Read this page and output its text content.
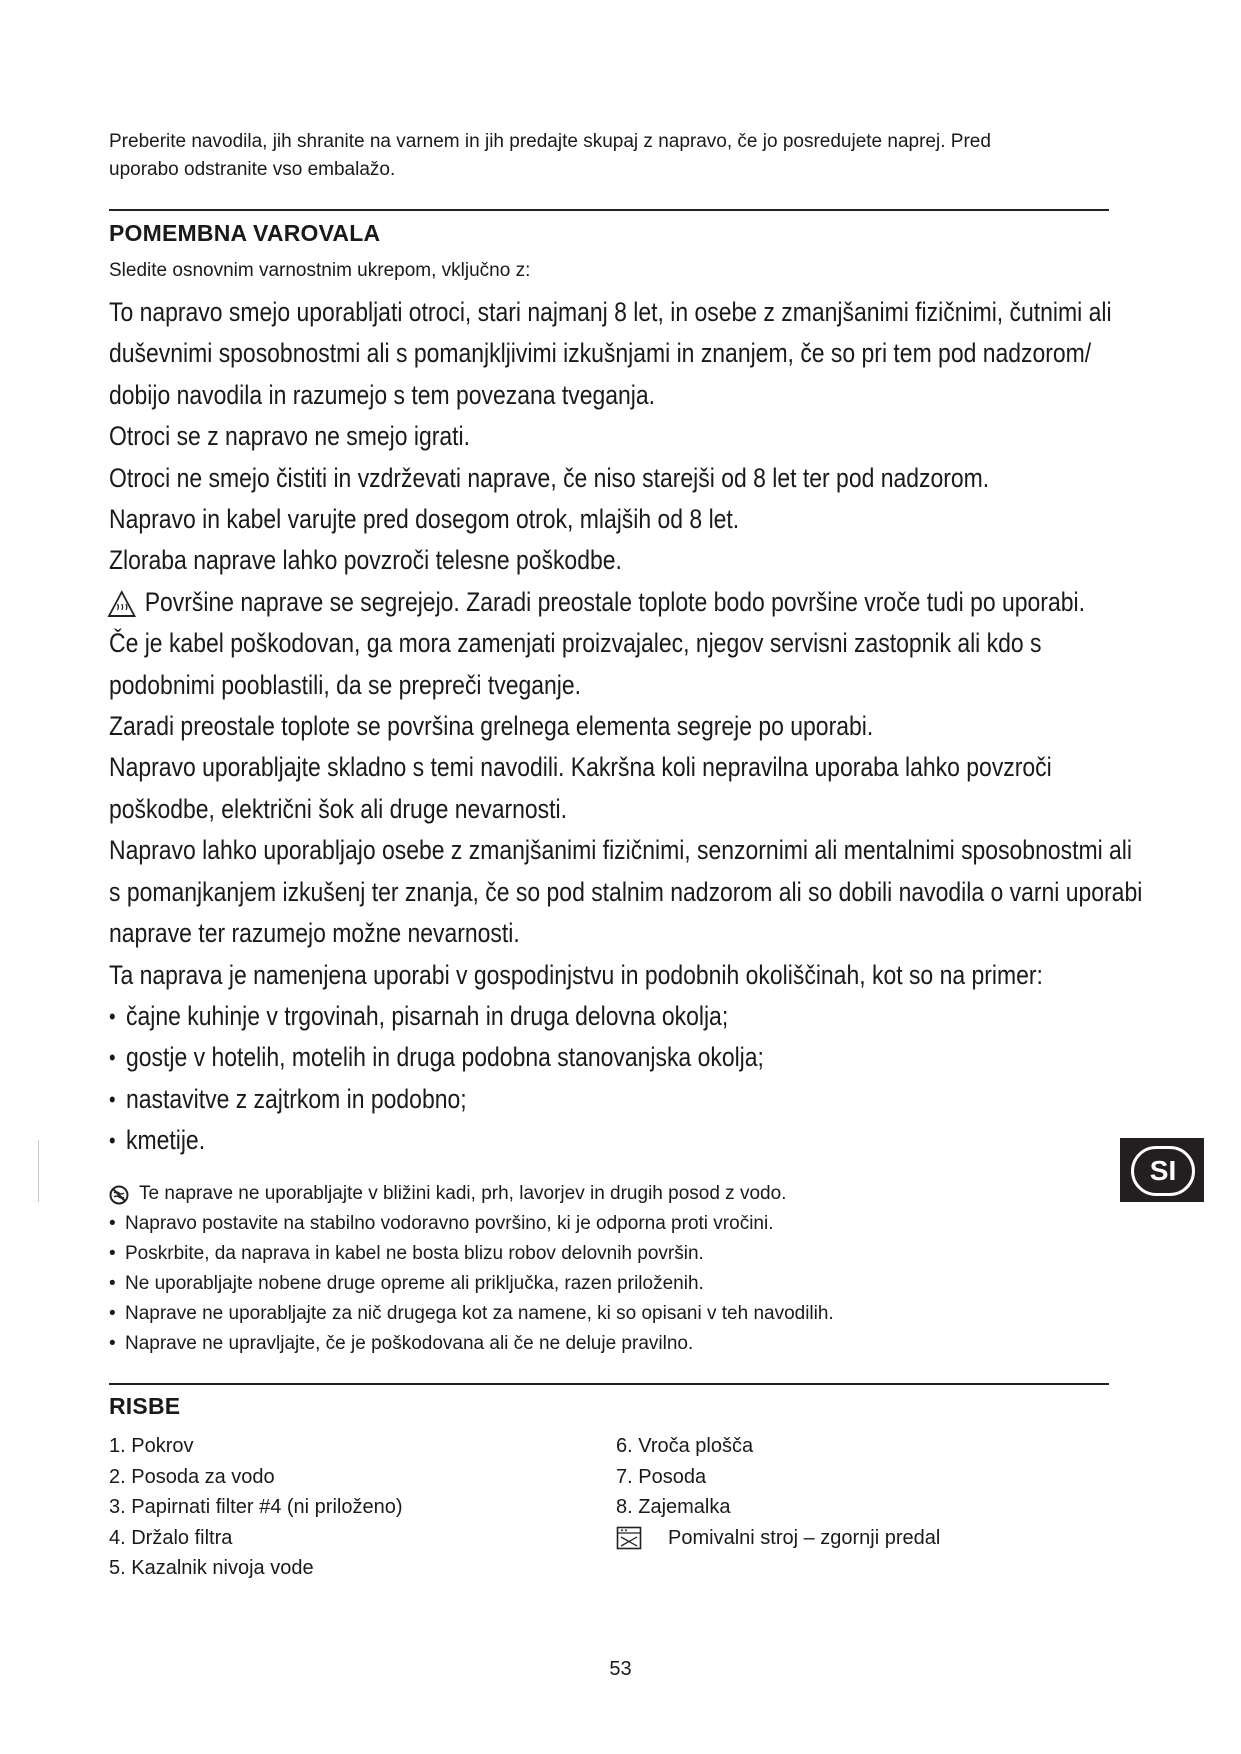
Preberite navodila, jih shranite na varnem in jih predajte skupaj z napravo, če jo posredujete naprej. Pred

uporabo odstranite vso embalažo.

POMEMBNA VAROVALA
Sledite osnovnim varnostnim ukrepom, vključno z:

To napravo smejo uporabljati otroci, stari najmanj 8 let, in osebe z zmanjšanimi fizičnimi, čutnimi ali

duševnimi sposobnostmi ali s pomanjkljivimi izkušnjami in znanjem, če so pri tem pod nadzorom/

dobijo navodila in razumejo s tem povezana tveganja.

Otroci se z napravo ne smejo igrati.

Otroci ne smejo čistiti in vzdrževati naprave, če niso starejši od 8 let ter pod nadzorom.

Napravo in kabel varujte pred dosegom otrok, mlajših od 8 let.

Zloraba naprave lahko povzroči telesne poškodbe.

Površine naprave se segrejejo. Zaradi preostale toplote bodo površine vroče tudi po uporabi.

Če je kabel poškodovan, ga mora zamenjati proizvajalec, njegov servisni zastopnik ali kdo s

podobnimi pooblastili, da se prepreči tveganje.

Zaradi preostale toplote se površina grelnega elementa segreje po uporabi.

Napravo uporabljajte skladno s temi navodili. Kakršna koli nepravilna uporaba lahko povzroči

poškodbe, električni šok ali druge nevarnosti.

Napravo lahko uporabljajo osebe z zmanjšanimi fizičnimi, senzornimi ali mentalnimi sposobnostmi ali

s pomanjkanjem izkušenj ter znanja, če so pod stalnim nadzorom ali so dobili navodila o varni uporabi

naprave ter razumejo možne nevarnosti.

Ta naprava je namenjena uporabi v gospodinjstvu in podobnih okoliščinah, kot so na primer:

• čajne kuhinje v trgovinah, pisarnah in druga delovna okolja;

• gostje v hotelih, motelih in druga podobna stanovanjska okolja;

• nastavitve z zajtrkom in podobno;

• kmetije.

Te naprave ne uporabljajte v bližini kadi, prh, lavorjev in drugih posod z vodo.

• Napravo postavite na stabilno vodoravno površino, ki je odporna proti vročini.

• Poskrbite, da naprava in kabel ne bosta blizu robov delovnih površin.

• Ne uporabljajte nobene druge opreme ali priključka, razen priloženih.

• Naprave ne uporabljajte za nič drugega kot za namene, ki so opisani v teh navodilih.

• Naprave ne upravljajte, če je poškodovana ali če ne deluje pravilno.

RISBE

1. Pokrov

2. Posoda za vodo

3. Papirnati filter #4 (ni priloženo)

4. Držalo filtra

5. Kazalnik nivoja vode

6. Vroča plošča

7. Posoda

8. Zajemalka

Pomivalni stroj – zgornji predal

SI
53
